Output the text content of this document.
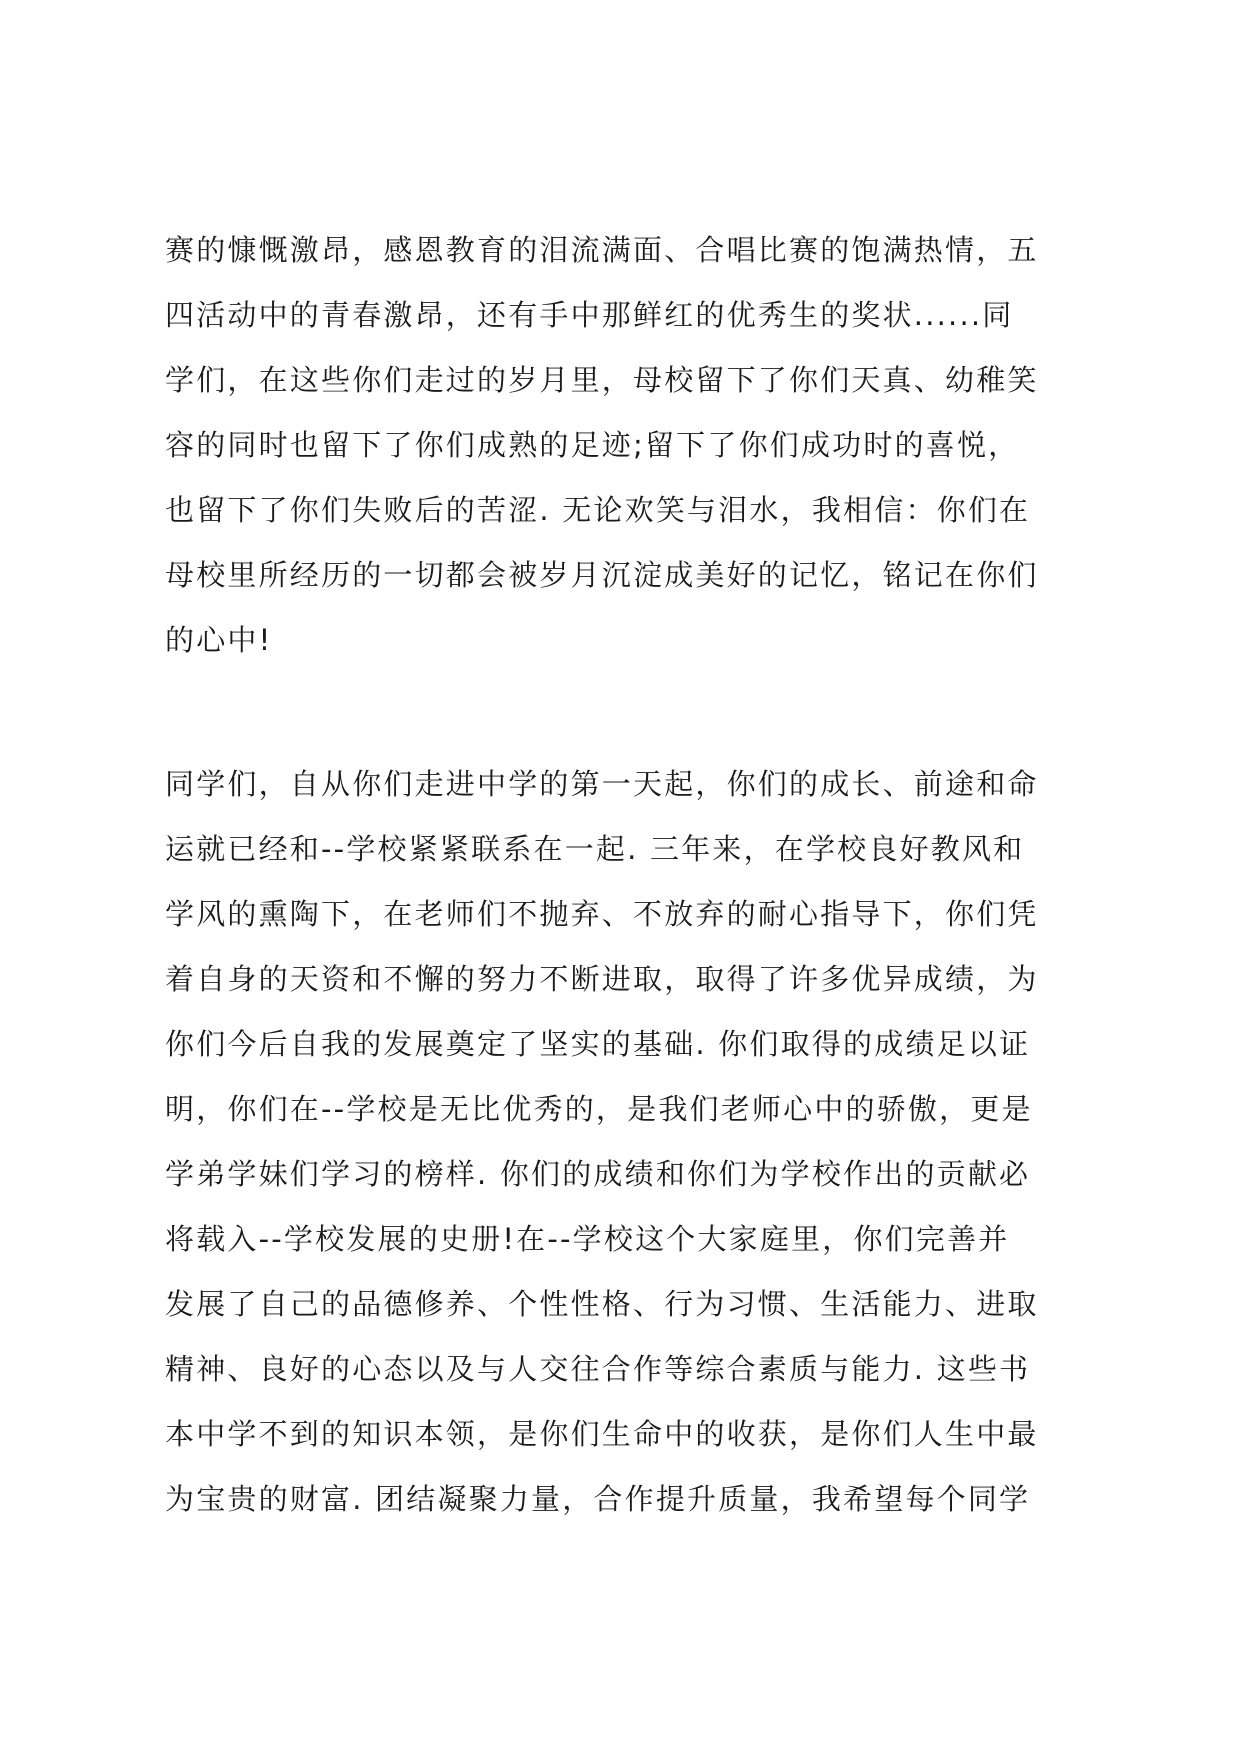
赛的慷慨激昂，感恩教育的泪流满面、合唱比赛的饱满热情，五
四活动中的青春激昂，还有手中那鲜红的优秀生的奖状......同
学们，在这些你们走过的岁月里，母校留下了你们天真、幼稚笑
容的同时也留下了你们成熟的足迹;留下了你们成功时的喜悦，
也留下了你们失败后的苦涩. 无论欢笑与泪水，我相信：你们在
母校里所经历的一切都会被岁月沉淀成美好的记忆，铭记在你们
的心中!
同学们，自从你们走进中学的第一天起，你们的成长、前途和命
运就已经和--学校紧紧联系在一起. 三年来，在学校良好教风和
学风的熏陶下，在老师们不抛弃、不放弃的耐心指导下，你们凭
着自身的天资和不懈的努力不断进取，取得了许多优异成绩，为
你们今后自我的发展奠定了坚实的基础. 你们取得的成绩足以证
明，你们在--学校是无比优秀的，是我们老师心中的骄傲，更是
学弟学妹们学习的榜样. 你们的成绩和你们为学校作出的贡献必
将载入--学校发展的史册!在--学校这个大家庭里，你们完善并
发展了自己的品德修养、个性性格、行为习惯、生活能力、进取
精神、良好的心态以及与人交往合作等综合素质与能力. 这些书
本中学不到的知识本领，是你们生命中的收获，是你们人生中最
为宝贵的财富. 团结凝聚力量，合作提升质量，我希望每个同学
